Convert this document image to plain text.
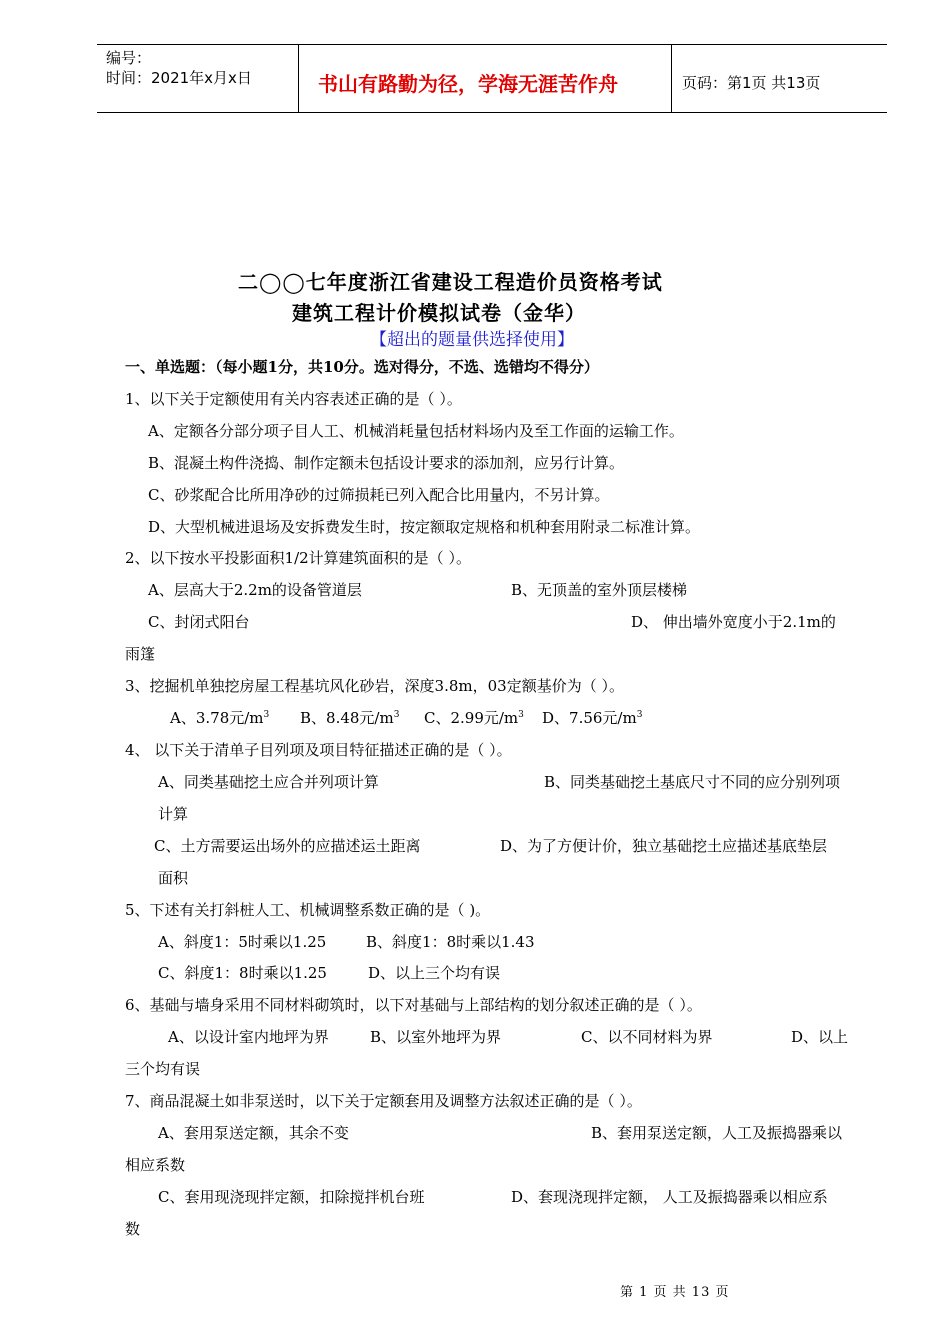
编号：
时间：2021年x月x日	书山有路勤为径，学海无涯苦作舟	页码：第1页 共13页
二◯◯七年度浙江省建设工程造价员资格考试
建筑工程计价模拟试卷（金华）
【超出的题量供选择使用】
一、单选题：（每小题1分，共10分。选对得分，不选、选错均不得分）
1、以下关于定额使用有关内容表述正确的是（ ）。
A、定额各分部分项子目人工、机械消耗量包括材料场内及至工作面的运输工作。
B、混凝土构件浇捣、制作定额未包括设计要求的添加剂，应另行计算。
C、砂浆配合比所用净砂的过筛损耗已列入配合比用量内，不另计算。
D、大型机械进退场及安拆费发生时，按定额取定规格和机种套用附录二标准计算。
2、以下按水平投影面积1/2计算建筑面积的是（ ）。
A、层高大于2.2m的设备管道层	B、无顶盖的室外顶层楼梯
C、封闭式阳台	D、 伸出墙外宽度小于2.1m的
雨篷
3、挖掘机单独挖房屋工程基坑风化砂岩，深度3.8m，03定额基价为（ ）。
A、3.78元$/m^3$ B、8.48元$/m^3$ C、2.99元$/m^3$ D、7.56元$/m^3$
4、 以下关于清单子目列项及项目特征描述正确的是（ ）。
A、同类基础挖土应合并列项计算	B、同类基础挖土基底尺寸不同的应分别列项
计算
C、土方需要运出场外的应描述运土距离	D、为了方便计价，独立基础挖土应描述基底垫层
面积
5、下述有关打斜桩人工、机械调整系数正确的是（ )。
A、斜度1：5时乘以1.25	B、斜度1：8时乘以1.43
C、斜度1：8时乘以1.25	D、以上三个均有误
6、基础与墙身采用不同材料砌筑时，以下对基础与上部结构的划分叙述正确的是（ ）。
A、以设计室内地坪为界	B、以室外地坪为界	C、以不同材料为界	D、以上
三个均有误
7、商品混凝土如非泵送时，以下关于定额套用及调整方法叙述正确的是（ ）。
A、套用泵送定额，其余不变	B、套用泵送定额，人工及振捣器乘以
相应系数
C、套用现浇现拌定额，扣除搅拌机台班	D、套现浇现拌定额， 人工及振捣器乘以相应系
数
第 1 页 共 13 页
